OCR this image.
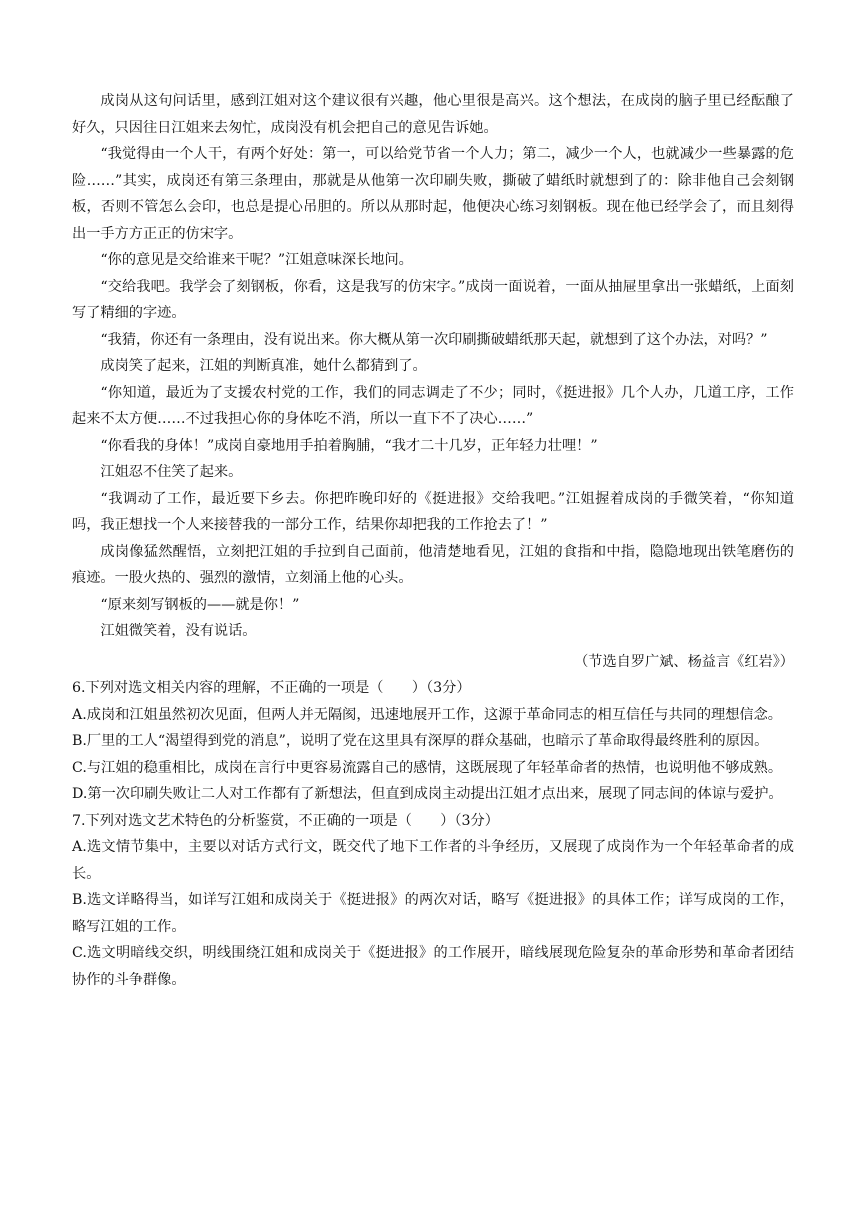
成岗从这句问话里，感到江姐对这个建议很有兴趣，他心里很是高兴。这个想法，在成岗的脑子里已经酝酿了好久，只因往日江姐来去匆忙，成岗没有机会把自己的意见告诉她。

“我觉得由一个人干，有两个好处：第一，可以给党节省一个人力；第二，减少一个人，也就减少一些暴露的危险……”其实，成岗还有第三条理由，那就是从他第一次印刷失败，撕破了蜡纸时就想到了的：除非他自己会刻钢板，否则不管怎么会印，也总是提心吊胆的。所以从那时起，他便决心练习刻钢板。现在他已经学会了，而且刻得出一手方方正正的仿宋字。

“你的意见是交给谁来干呢？”江姐意味深长地问。

“交给我吧。我学会了刻钢板，你看，这是我写的仿宋字。”成岗一面说着，一面从抽屉里拿出一张蜡纸，上面刻写了精细的字迹。

“我猜，你还有一条理由，没有说出来。你大概从第一次印刷撕破蜡纸那天起，就想到了这个办法，对吗？”

成岗笑了起来，江姐的判断真准，她什么都猜到了。

“你知道，最近为了支援农村党的工作，我们的同志调走了不少；同时，《挺进报》几个人办，几道工序，工作起来不太方便……不过我担心你的身体吃不消，所以一直下不了决心……”

“你看我的身体！”成岗自豪地用手拍着胸脯，“我才二十几岁，正年轻力壮哩！”

江姐忍不住笑了起来。

“我调动了工作，最近要下乡去。你把昨晚印好的《挺进报》交给我吧。”江姐握着成岗的手微笑着，“你知道吗，我正想找一个人来接替我的一部分工作，结果你却把我的工作抢去了！”

成岗像猛然醒悟，立刻把江姐的手拉到自己面前，他清楚地看见，江姐的食指和中指，隐隐地现出铁笔磨伤的痕迹。一股火热的、强烈的激情，立刻涌上他的心头。

“原来刻写钢板的——就是你！”

江姐微笑着，没有说话。

（节选自罗广斌、杨益言《红岩》）

6.下列对选文相关内容的理解，不正确的一项是（　　）（3分）

A.成岗和江姐虽然初次见面，但两人并无隔阂，迅速地展开工作，这源于革命同志的相互信任与共同的理想信念。

B.厂里的工人“渴望得到党的消息”，说明了党在这里具有深厚的群众基础，也暗示了革命取得最终胜利的原因。

C.与江姐的稳重相比，成岗在言行中更容易流露自己的感情，这既展现了年轻革命者的热情，也说明他不够成熟。

D.第一次印刷失败让二人对工作都有了新想法，但直到成岗主动提出江姐才点出来，展现了同志间的体谅与爱护。

7.下列对选文艺术特色的分析鉴赏，不正确的一项是（　　）（3分）

A.选文情节集中，主要以对话方式行文，既交代了地下工作者的斗争经历，又展现了成岗作为一个年轻革命者的成长。

B.选文详略得当，如详写江姐和成岗关于《挺进报》的两次对话，略写《挺进报》的具体工作；详写成岗的工作，略写江姐的工作。

C.选文明暗线交织，明线围绕江姐和成岗关于《挺进报》的工作展开，暗线展现危险复杂的革命形势和革命者团结协作的斗争群像。
